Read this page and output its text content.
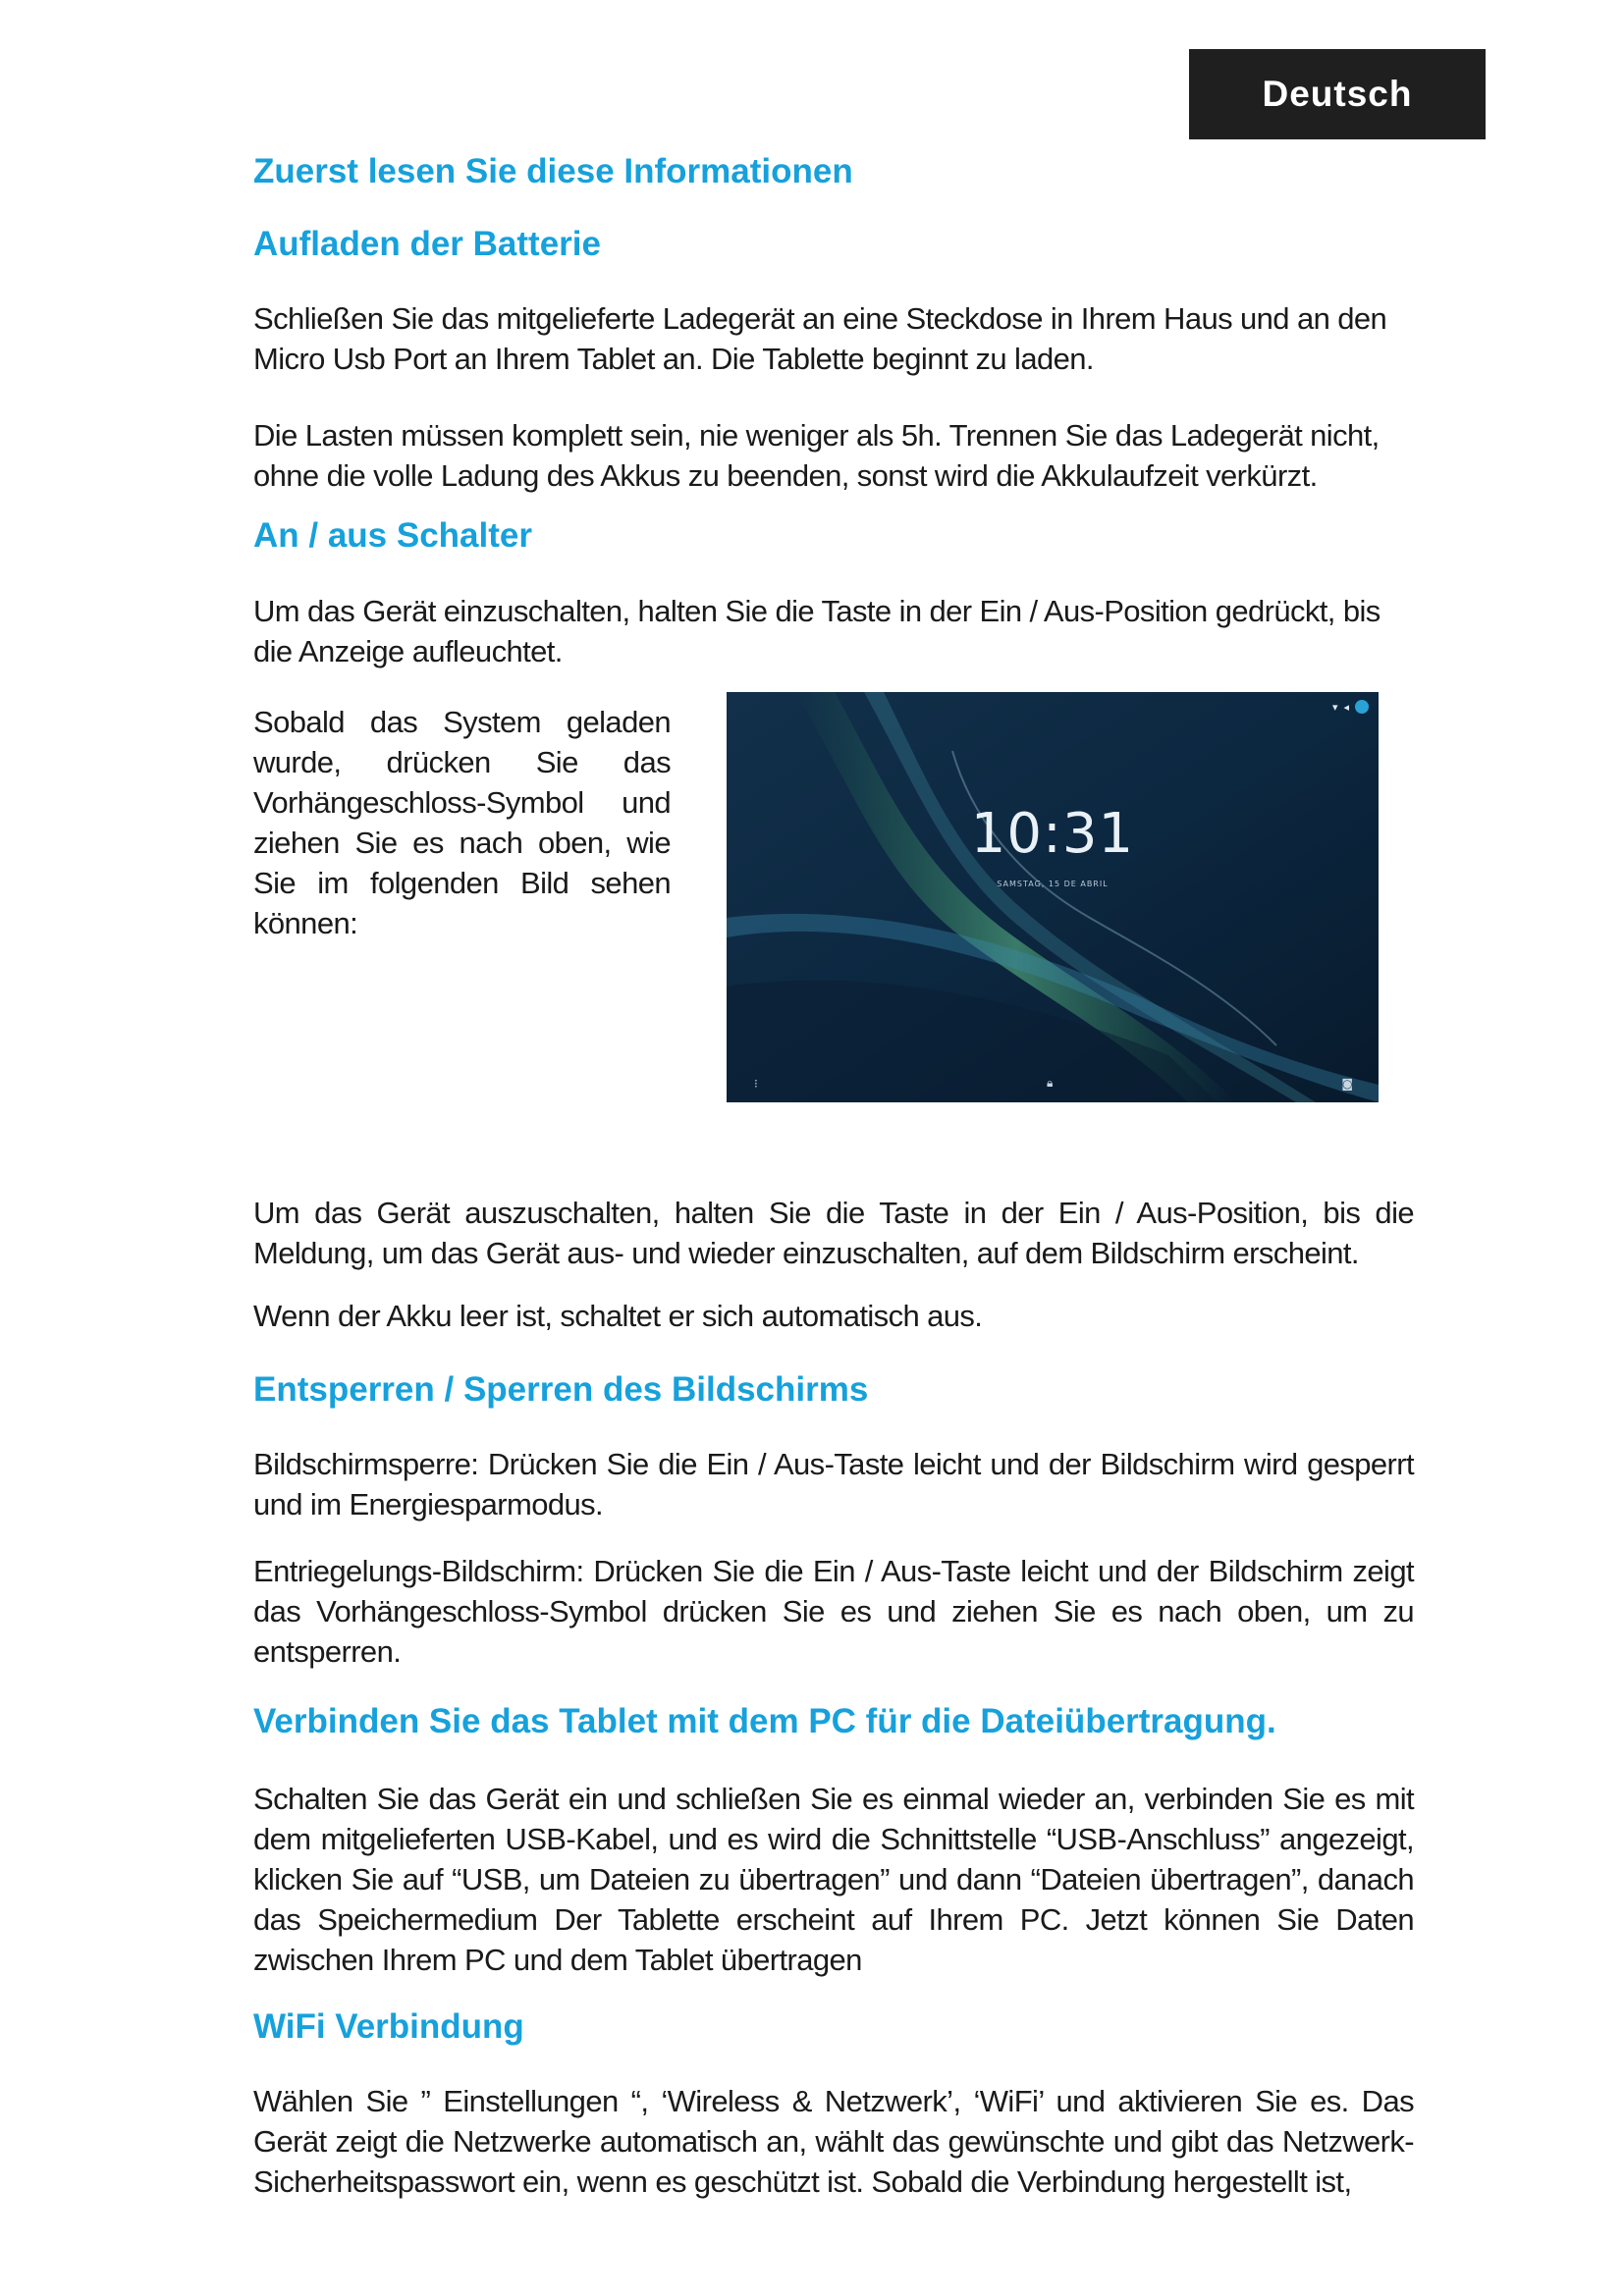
Deutsch
Zuerst lesen Sie diese Informationen
Aufladen der Batterie

Schließen Sie das mitgelieferte Ladegerät an eine Steckdose in Ihrem Haus und an den Micro Usb Port an Ihrem Tablet an. Die Tablette beginnt zu laden.

Die Lasten müssen komplett sein, nie weniger als 5h. Trennen Sie das Ladegerät nicht, ohne die volle Ladung des Akkus zu beenden, sonst wird die Akkulaufzeit verkürzt.

An / aus Schalter

Um das Gerät einzuschalten, halten Sie die Taste in der Ein / Aus-Position gedrückt, bis die Anzeige aufleuchtet.

Sobald das System geladen wurde, drücken Sie das Vorhängeschloss-Symbol und ziehen Sie es nach oben, wie Sie im folgenden Bild sehen können:

Um das Gerät auszuschalten, halten Sie die Taste in der Ein / Aus-Position, bis die Meldung, um das Gerät aus- und wieder einzuschalten, auf dem Bildschirm erscheint.

Wenn der Akku leer ist, schaltet er sich automatisch aus.

Entsperren / Sperren des Bildschirms

Bildschirmsperre: Drücken Sie die Ein / Aus-Taste leicht und der Bildschirm wird gesperrt und im Energiesparmodus.

Entriegelungs-Bildschirm: Drücken Sie die Ein / Aus-Taste leicht und der Bildschirm zeigt das Vorhängeschloss-Symbol drücken Sie es und ziehen Sie es nach oben, um zu entsperren.

Verbinden Sie das Tablet mit dem PC für die Dateiübertragung.

Schalten Sie das Gerät ein und schließen Sie es einmal wieder an, verbinden Sie es mit dem mitgelieferten USB-Kabel, und es wird die Schnittstelle “USB-Anschluss” angezeigt, klicken Sie auf “USB, um Dateien zu übertragen” und dann “Dateien übertragen”, danach das Speichermedium Der Tablette erscheint auf Ihrem PC. Jetzt können Sie Daten zwischen Ihrem PC und dem Tablet übertragen

WiFi Verbindung

Wählen Sie ” Einstellungen “, ‘Wireless & Netzwerk’, ‘WiFi’ und aktivieren Sie es. Das Gerät zeigt die Netzwerke automatisch an, wählt das gewünschte und gibt das Netzwerk-Sicherheitspasswort ein, wenn es geschützt ist. Sobald die Verbindung hergestellt ist,

▾ ◂
10:31
SAMSTAG, 15 DE ABRIL
⁝	🔒︎	◙
